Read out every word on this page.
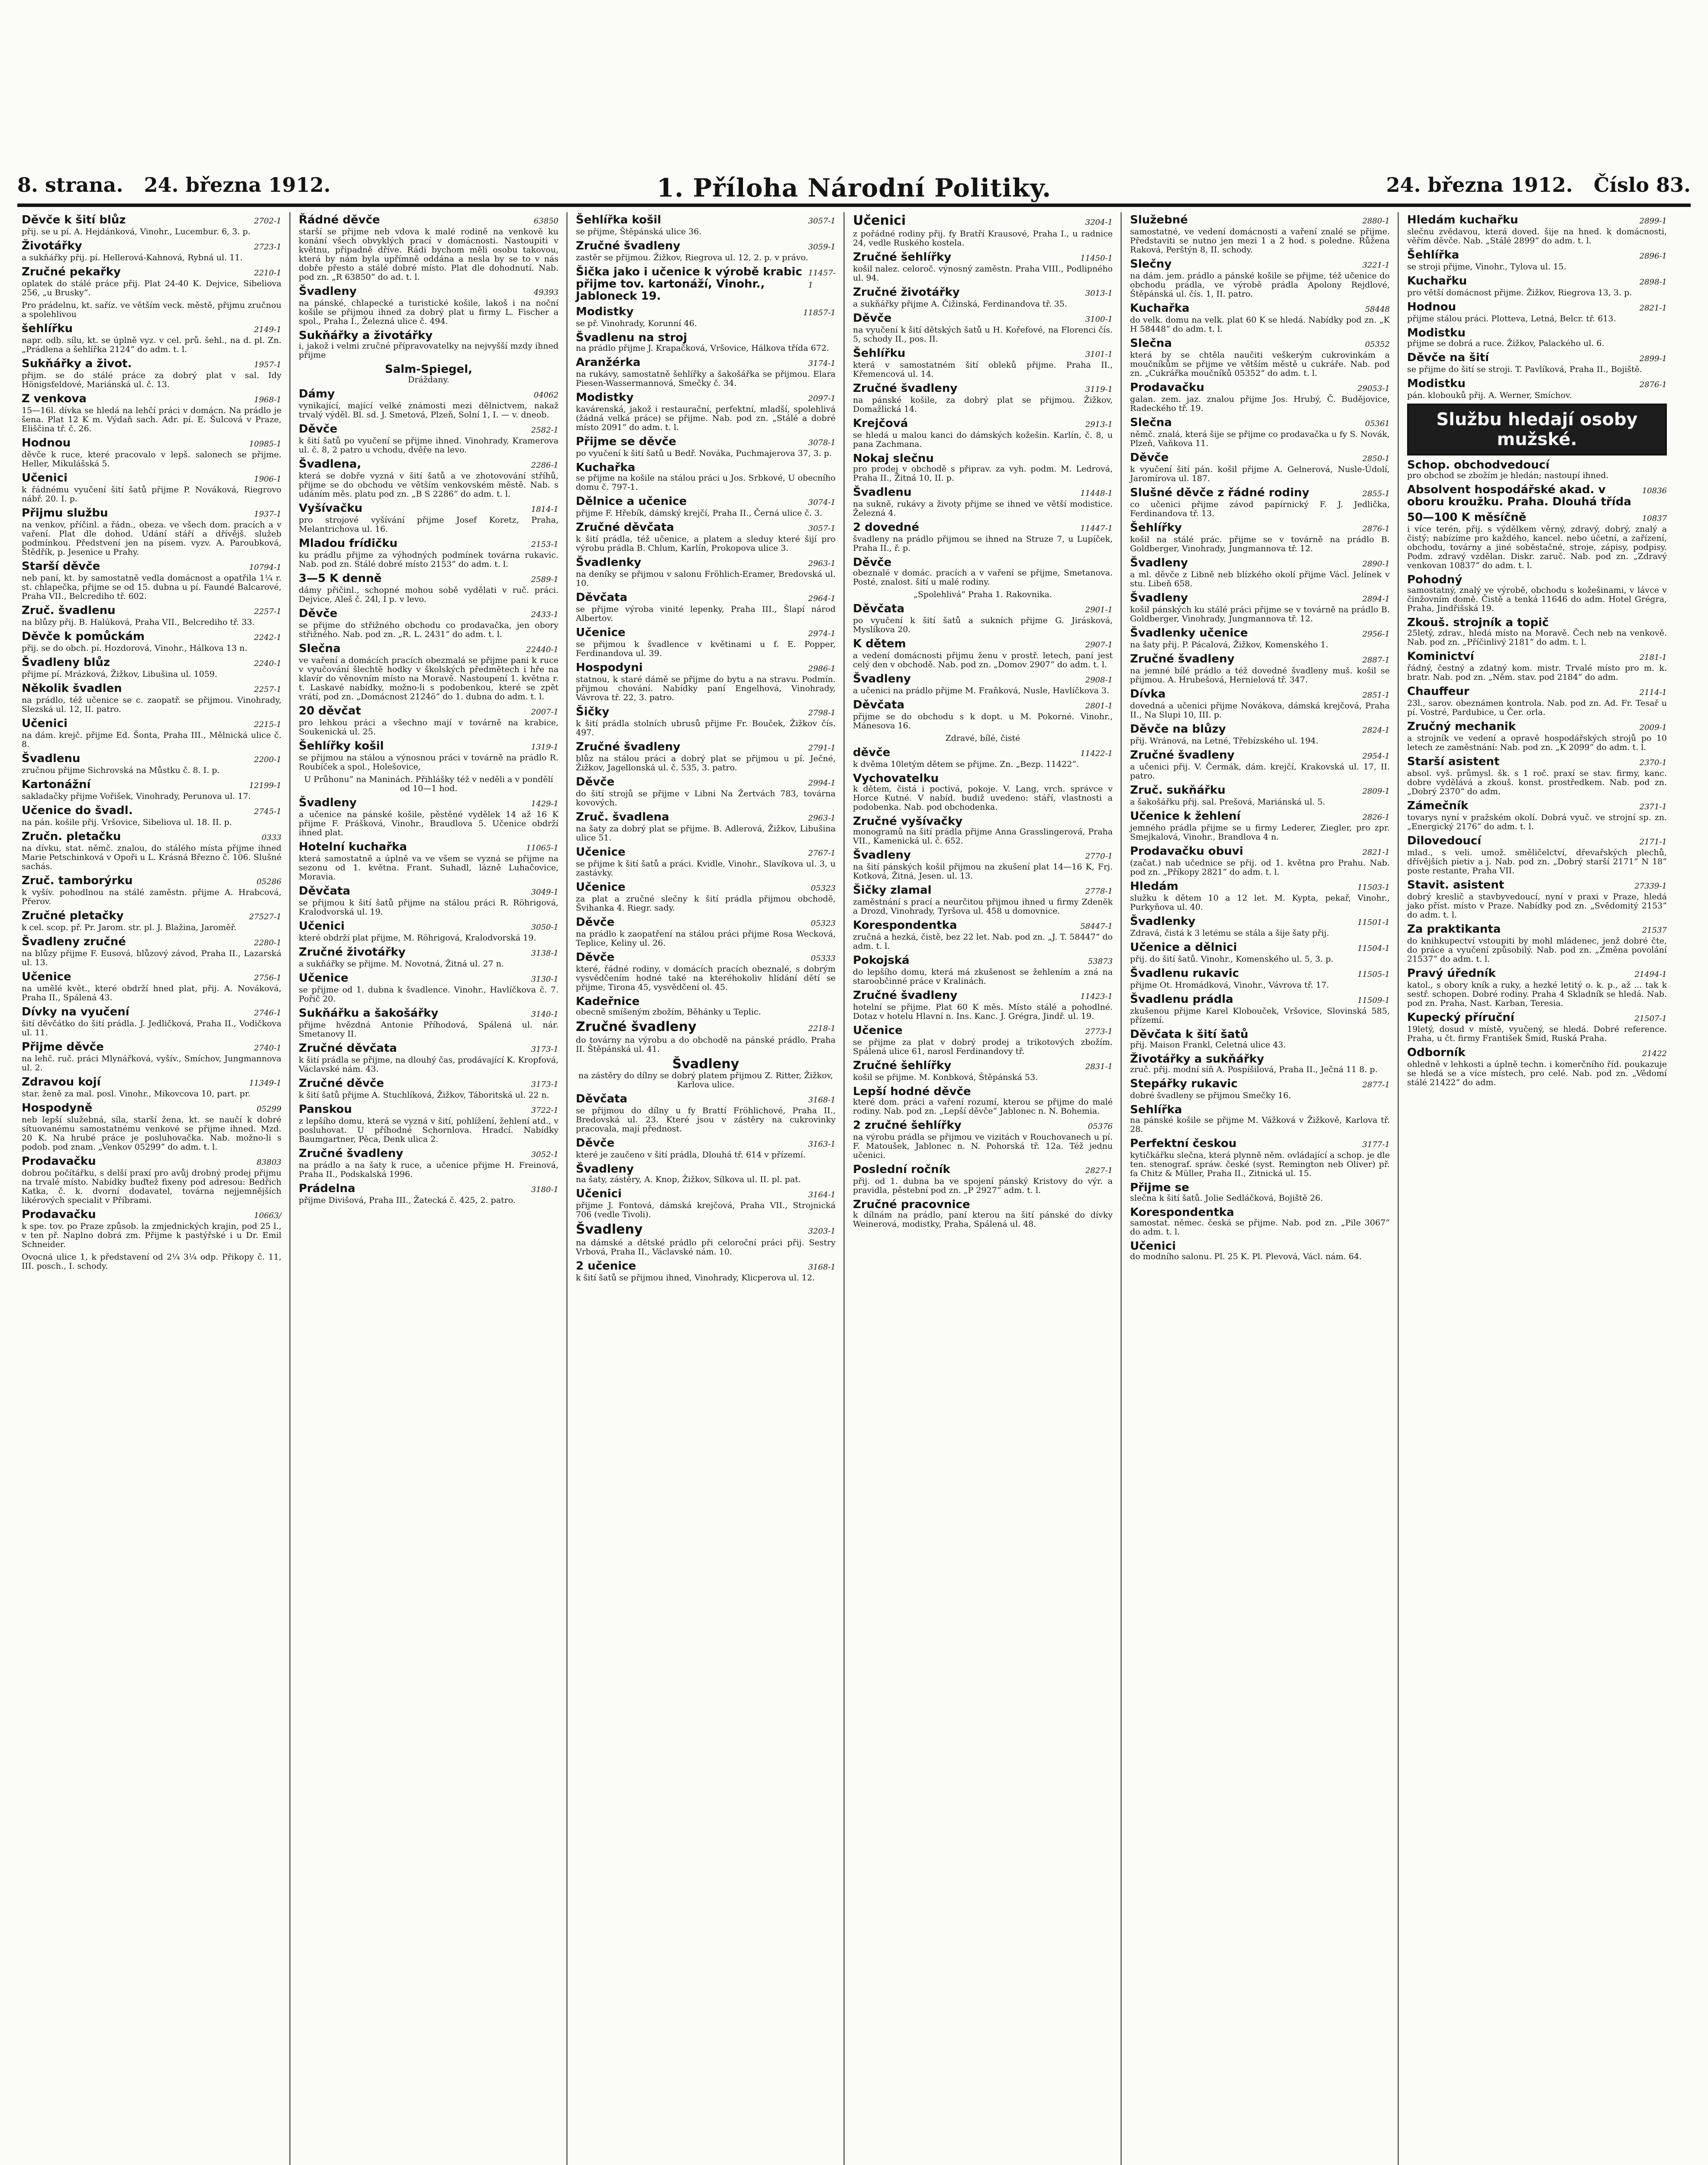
8. strana. 24. března 1912.	1. Příloha Národní Politiky.	24. března 1912. Číslo 83.
Děvče k šití blůz	2702-1
přij. se u pí. A. Hejdánková, Vinohr., Lucembur. 6, 3. p.
Životářky	2723-1
a sukňářky přij. pí. Hellerová-Kahnová, Rybná ul. 11.
Zručné pekařky	2210-1
oplatek do stálé práce přij. Plat 24-40 K. Dejvice, Sibeliova 256, „u Brusky“.
Pro prádelnu, kt. saříz. ve větším veck. městě, přijmu zručnou a spolehlivou
šehlířku	2149-1
napr. odb. sílu, kt. se úplně vyz. v cel. prů. šehl., na d. pl. Zn. „Prádlena a šehlířka 2124“ do adm. t. l.
Sukňářky a život.	1957-1
přijm. se do stálé práce za dobrý plat v sal. Idy Hönigsfeldové, Mariánská ul. č. 13.
Z venkova	1968-1
15—16l. dívka se hledá na lehčí práci v domácn. Na prádlo je šena. Plat 12 K m. Výdaň sach. Adr. pí. E. Šulcová v Praze, Eliščina tř. č. 26.
Hodnou	10985-1
děvče k ruce, které pracovalo v lepš. salonech se přijme. Heller, Mikulášská 5.
Učenici	1906-1
k řádnému vyučení šití šatů přijme P. Nováková, Riegrovo nábř. 20. I. p.
Přijmu službu	1937-1
na venkov, příčinl. a řádn., obeza. ve všech dom. pracích a v vaření. Plat dle dohod. Udání stáří a dřívějš. služeb podmínkou. Předstvení jen na písem. vyzv. A. Paroubková, Štědřík, p. Jesenice u Prahy.
Starší děvče	10794-1
neb paní, kt. by samostatně vedla domácnost a opatřila 1¼ r. st. chlapečka, přijme se od 15. dubna u pí. Faundé Balcarové, Praha VII., Belcrediho tř. 602.
Zruč. švadlenu	2257-1
na blůzy přij. B. Halúková, Praha VII., Belcrediho tř. 33.
Děvče k pomůckám	2242-1
přij. se do obch. pí. Hozdorová, Vinohr., Hálkova 13 n.
Švadleny blůz	2240-1
přijme pí. Mrázková, Žižkov, Libušina ul. 1059.
Několik švadlen	2257-1
na prádlo, též učenice se c. zaopatř. se přijmou. Vinohrady, Slezská ul. 12, II. patro.
Učenici	2215-1
na dám. krejč. přijme Ed. Šonta, Praha III., Mělnická ulice č. 8.
Švadlenu	2200-1
zručnou přijme Sichrovská na Můstku č. 8. I. p.
Kartonážní	12199-1
sakladačky přijme Vořišek, Vinohrady, Perunova ul. 17.
Učenice do švadl.	2745-1
na pán. košile přij. Vršovice, Sibeliova ul. 18. II. p.
Zručn. pletačku	0333
na dívku, stat. němč. znalou, do stálého místa přijme ihned Marie Petschinková v Opoři u L. Krásná Březno č. 106. Slušné sachás.
Zruč. tamborýrku	05286
k vyšív. pohodlnou na stálé zaměstn. přijme A. Hrabcová, Přerov.
Zručné pletačky	27527-1
k cel. scop. př. Pr. Jarom. str. pl. J. Blažina, Jaroměř.
Švadleny zručné	2280-1
na blůzy přijme F. Eusová, blůzový závod, Praha II., Lazarská ul. 13.
Učenice	2756-1
na umělé květ., které obdrží hned plat, přij. A. Nováková, Praha II., Spálená 43.
Dívky na vyučení	2746-1
šití děvčátko do šití prádla. J. Jedličková, Praha II., Vodičkova ul. 11.
Přijme děvče	2740-1
na lehč. ruč. práci Mlynářková, vyšív., Smíchov, Jungmannova ul. 2.
Zdravou kojí	11349-1
star. ženě za mal. posl. Vinohr., Mikovcova 10, part. pr.
Hospodyně	05299
neb lepší služebná, síla, starší žena, kt. se naučí k dobré sítuovanému samostatnému venkové se přijme ihned. Mzd. 20 K. Na hrubé práce je posluhovačka. Nab. možno-li s podob. pod znam. „Venkov 05299“ do adm. t. l.
Prodavačku	83803
dobrou počítářku, s delší praxí pro avůj drobný prodej přijmu na trvalé místo. Nabídky buďtež fixeny pod adresou: Bedřich Katka, č. k. dvorní dodavatel, továrna nejjemnějších likérových specialit v Příbrami.
Prodavačku	10663/
k spe. tov. po Praze způsob. la zmjednických krajin, pod 25 l., v ten př. Naplno dobrá zm. Přijme k pastýřské i u Dr. Emil Schneider.
Ovocná ulice 1, k představení od 2¼ 3¼ odp. Přikopy č. 11, III. posch., I. schody.
Řádné děvče	63850
starší se přijme neb vdova k malé rodině na venkově ku konání všech obvyklých prací v domácnosti. Nastoupiti v květnu, připadně dříve. Rádi bychom měli osobu takovou, která by nám byla upřímně oddána a nesla by se to v nás dobře přesto a stálé dobré místo. Plat dle dohodnutí. Nab. pod zn. „R 63850“ do ad. t. l.
Švadleny	49393
na pánské, chlapecké a turistické košile, lakoš i na noční košile se přijmou ihned za dobrý plat u firmy L. Fischer a spol., Praha I., Železná ulice č. 494.
Sukňářky a životářky
i, jakož i velmi zručné přípravovatelky na nejvyšší mzdy ihned přijme
Salm-Spiegel,
Dráždany.
Dámy	04062
vynikající, mající velké známosti mezi dělnictvem, nakaž trvalý výděl. Bl. sd. J. Smetová, Plzeň, Solní 1, I. — v. dneob.
Děvče	2582-1
k šití šatů po vyučení se přijme ihned. Vinohrady, Kramerova ul. č. 8, 2 patro u vchodu, dvěře na levo.
Švadlena,	2286-1
která se dobře vyzná v šití šatů a ve zhotovování stříhů, přijme se do obchodu ve větším venkovském městě. Nab. s udáním měs. platu pod zn. „B S 2286“ do adm. t. l.
Vyšívačku	1814-1
pro strojové vyšívání přijme Josef Koretz, Praha, Melantrichova ul. 16.
Mladou frídičku	2153-1
ku prádlu přijme za výhodných podmínek továrna rukavic. Nab. pod zn. Stálé dobré místo 2153“ do adm. t. l.
3—5 K denně	2589-1
dámy přičinl., schopné mohou sobě vydělati v ruč. práci. Dejvice, Aleš č. 24l, I p. v levo.
Děvče	2433-1
se přijme do střižného obchodu co prodavačka, jen obory střižného. Nab. pod zn. „R. L. 2431“ do adm. t. l.
Slečna	22440-1
ve vaření a domácích pracích obezmalá se přijme pani k ruce v vyučování šlechtě hodky v školských předmětech i hře na klavír do věnovním místo na Moravě. Nastoupení 1. května r. t. Laskavé nabídky, možno-li s podobenkou, které se zpět vrátí, pod zn. „Domácnost 2124ö“ do 1. dubna do adm. t. l.
20 děvčat	2007-1
pro lehkou práci a všechno mají v továrně na krabice, Soukenická ul. 25.
Šehlířky košil	1319-1
se přijmou na stálou a výnosnou práci v továrně na prádlo R. Roubíček a spol., Holešovice,
U Průhonu“ na Maninách. Přihlášky též v neděli a v pondělí od 10—1 hod.
Švadleny	1429-1
a učenice na pánské košile, pěstěné vydělek 14 až 16 K přijme F. Prášková, Vinohr., Braudlova 5. Učenice obdrží ihned plat.
Hotelní kuchařka	11065-1
která samostatně a úplně va ve všem se vyzná se přijme na sezonu od 1. května. Frant. Suhadl, lázně Luhačovice, Moravia.
Děvčata	3049-1
se přijmou k šití šatů přijme na stálou práci R. Röhrigová, Kralodvorská ul. 19.
Učenici	3050-1
které obdrží plat přijme, M. Röhrigová, Kralodvorská 19.
Zručné životářky	3138-1
a sukňářky se přijme. M. Novotná, Žitná ul. 27 n.
Učenice	3130-1
se přijme od 1. dubna k švadlence. Vinohr., Havlíčkova č. 7. Pořič 20.
Sukňářku a šakošářky	3140-1
přijme hvězdná Antonie Příhodová, Spálená ul. nár. Smetanovy II.
Zručné děvčata	3173-1
k šití prádla se přijme, na dlouhý čas, prodávající K. Kropfová, Václavské nám. 43.
Zručné děvče	3173-1
k šití šatů přijme A. Stuchlíková, Žižkov, Táboritská ul. 22 n.
Panskou	3722-1
z lepšího domu, která se vyzná v šití, pohlížení, žehlení atd., v posluhovat. U příhodné Schornlova. Hradcí. Nabídky Baumgartner, Pěca, Denk ulica 2.
Zručné švadleny	3052-1
na prádlo a na šaty k ruce, a učenice přijme H. Freinová, Praha II., Podskalská 1996.
Prádelna	3180-1
přijme Divišová, Praha III., Žatecká č. 425, 2. patro.
Šehlířka košil	3057-1
se přijme, Štěpánská ulice 36.
Zručné švadleny	3059-1
zastěr se přijmou. Žižkov, Riegrova ul. 12, 2. p. v právo.
Šička jako i učenice k výrobě krabic přijme tov. kartonáží, Vinohr., Jabloneck 19.
11457-1
Modistky	11857-1
se př. Vinohrady, Korunní 46.
Švadlenu na stroj
na prádlo přijme J. Krapačková, Vršovice, Hálkova třída 672.
Aranžérka	3174-1
na rukávy, samostatně šehlířky a šakošářka se přijmou. Elara Piesen-Wassermannová, Smečky č. 34.
Modistky	2097-1
kavárenská, jakož i restaurační, perfektní, mladší, spolehlivá (žádná velká práce) se přijme. Nab. pod zn. „Stálé a dobré místo 2091“ do adm. t. l.
Přijme se děvče	3078-1
po vyučení k šití šatů u Bedř. Nováka, Puchmajerova 37, 3. p.
Kuchařka
se přijme na košile na stálou práci u Jos. Srbkové, U obecního domu č. 797-1.
Dělnice a učenice	3074-1
přijme F. Hřebík, dámský krejčí, Praha II., Černá ulice č. 3.
Zručné děvčata	3057-1
k šití prádla, též učenice, a platem a sleduy které šijí pro výrobu prádla B. Chlum, Karlín, Prokopova ulice 3.
Švadlenky	2963-1
na deníky se přijmou v salonu Fröhlich-Eramer, Bredovská ul. 10.
Děvčata	2964-1
se přijme výroba vinité lepenky, Praha III., Šlapí národ Albertov.
Učenice	2974-1
se přijmou k švadlence v květinami u f. E. Popper, Ferdinandova ul. 39.
Hospodyni	2986-1
statnou, k staré dámě se přijme do bytu a na stravu. Podmín. přijmou chování. Nabídky paní Engelhová, Vinohrady, Vávrova tř. 22, 3. patro.
Šičky	2798-1
k šití prádla stolních ubrusů přijme Fr. Bouček, Žižkov čís. 497.
Zručné švadleny	2791-1
blůz na stálou práci a dobrý plat se přijmou u pí. Ječné, Žižkov, Jagellonská ul. č. 535, 3. patro.
Děvče	2994-1
do šití strojů se přijme v Libni Na Žertvách 783, továrna kovových.
Zruč. švadlena	2963-1
na šaty za dobrý plat se přijme. B. Adlerová, Žižkov, Libušina ulice 51.
Učenice	2767-1
se přijme k šití šatů a práci. Kvidle, Vinohr., Slavíkova ul. 3, u zastávky.
Učenice	05323
za plat a zručné slečny k šití prádla přijmou obchodě, Švihanka 4. Riegr. sady.
Děvče	05323
na prádlo k zaopatření na stálou práci přijme Rosa Wecková, Teplice, Keliny ul. 26.
Děvče	05333
které, řádné rodiny, v domácích pracích obeznalé, s dobrým vysvědčením hodné také na kteréhokoliv hlídání dětí se přijme, Tirona 45, vysvědčení ol. 45.
Kadeřnice
obecně smíšeným zbožím, Běhánky u Teplic.
Zručné švadleny	2218-1
do továrny na výrobu a do obchodě na pánské prádlo. Praha II. Štěpánská ul. 41.
Švadleny
na zástěry do dílny se dobrý platem přijmou Z. Ritter, Žižkov, Karlova ulice.
Děvčata	3168-1
se přijmou do dílny u fy Brattí Fröhlichové, Praha II., Bredovská ul. 23. Které jsou v zástěry na cukrovinky pracovala, mají přednost.
Děvče	3163-1
které je zaučeno v šití prádla, Dlouhá tř. 614 v přízemí.
Švadleny
na šaty, zástěry, A. Knop, Žižkov, Sílkova ul. II. pl. pat.
Učenici	3164-1
přijme J. Fontová, dámská krejčová, Praha VII., Strojnická 706 (vedle Tivoli).
Švadleny	3203-1
na dámské a dětské prádlo při celoroční práci přij. Sestry Vrbová, Praha II., Václavské nám. 10.
2 učenice	3168-1
k šití šatů se přijmou ihned, Vinohrady, Klicperova ul. 12.
Učenici	3204-1
z pořádné rodiny přij. fy Bratří Krausové, Praha I., u radnice 24, vedle Ruského kostela.
Zručné šehlířky	11450-1
košil nalez. celoroč. výnosný zaměstn. Praha VIII., Podlipného ul. 94.
Zručné životářky	3013-1
a sukňářky přijme A. Čižinská, Ferdinandova tř. 35.
Děvče	3100-1
na vyučení k šití dětských šatů u H. Kořefové, na Florenci čís. 5, schody II., pos. II.
Šehlířku	3101-1
která v samostatném šití obleků přijme. Praha II., Křemencová ul. 14.
Zručné švadleny	3119-1
na pánské košile, za dobrý plat se přijmou. Žižkov, Domažlická 14.
Krejčová	2913-1
se hledá u malou kanci do dámských kožešin. Karlín, č. 8, u pana Zachmana.
Nokaj slečnu
pro prodej v obchodě s připrav. za vyh. podm. M. Ledrová, Praha II., Žitná 10, II. p.
Švadlenu	11448-1
na sukně, rukávy a životy přijme se ihned ve větší modistice. Železná 4.
2 dovedné	11447-1
švadleny na prádlo přijmou se ihned na Struze 7, u Lupíček, Praha II., ř. p.
Děvče
obeznalé v domác. pracích a v vaření se přijme, Smetanova. Posté, znalost. šití u malé rodiny.
„Spolehlivá“ Praha 1. Rakovnika.
Děvčata	2901-1
po vyučení k šití šatů a sukních přijme G. Jirásková, Myslíkova 20.
K dětem	2907-1
a vedení domácnosti přijmu ženu v prostř. letech, paní jest celý den v obchodě. Nab. pod zn. „Domov 2907“ do adm. t. l.
Švadleny	2908-1
a učenici na prádlo přijme M. Fraňková, Nusle, Havlíčkova 3.
Děvčata	2801-1
přijme se do obchodu s k dopt. u M. Pokorné. Vinohr., Mánesova 16.
Zdravé, bílé, čisté
děvče	11422-1
k dvěma 10letým dětem se přijme. Zn. „Bezp. 11422“.
Vychovatelku
k dětem, čistá i poctivá, pokoje. V. Lang, vrch. správce v Horce Kutné. V nabíd. budiž uvedeno: stáří, vlastnosti a podobenka. Nab. pod obchodenka.
Zručné vyšívačky
monogramů na šití prádla přijme Anna Grasslingerová, Praha VII., Kamenická ul. č. 652.
Švadleny	2770-1
na šití pánských košil přijmou na zkušení plat 14—16 K, Frj. Kotková, Žitná, Jesen. ul. 13.
Šičky zlamal	2778-1
zaměstnání s prací a neurčitou přijmou ihned u firmy Zdeněk a Drozd, Vinohrady, Tyršova ul. 458 u domovnice.
Korespondentka	58447-1
zručná a hezká, čistě, bez 22 let. Nab. pod zn. „J. T. 58447“ do adm. t. l.
Pokojská	53873
do lepšího domu, která má zkušenost se žehlením a zná na staroobčinné práce v Kralinách.
Zručné švadleny	11423-1
hotelní se přijme. Plat 60 K měs. Místo stálé a pohodlné. Dotaz v hotelu Hlavní n. Ins. Kanc. J. Grégra, Jindř. ul. 19.
Učenice	2773-1
se přijme za plat v dobrý prodej a trikotových zbožím. Spálená ulice 61, narosl Ferdinandovy tř.
Zručné šehlířky	2831-1
košil se přijme. M. Konbková, Štěpánská 53.
Lepší hodné děvče
které dom. práci a vaření rozumí, kterou se přijme do malé rodiny. Nab. pod zn. „Lepší děvče“ Jablonec n. N. Bohemia.
2 zručné šehlířky	05376
na výrobu prádla se přijmou ve vizitách v Rouchovanech u pí. F. Matoušek, Jablonec n. N. Pohorská tř. 12a. Též jednu učenici.
Poslední ročník	2827-1
přij. od 1. dubna ba ve spojení pánský Kristovy do výr. a pravidla, pěstební pod zn. „P 2927“ adm. t. l.
Zručné pracovnice
k dílnám na prádlo, paní kterou na šití pánské do dívky Weinerová, modistky, Praha, Spálená ul. 48.
Služebné	2880-1
samostatné, ve vedení domácnosti a vaření znalé se přijme. Představiti se nutno jen mezi 1 a 2 hod. s poledne. Růžena Raková, Perštýn 8, II. schody.
Slečny	3221-1
na dám. jem. prádlo a pánské košile se přijme, též učenice do obchodu prádla, ve výrobě prádla Apolony Rejdlové, Štěpánská ul. čís. 1, II. patro.
Kuchařka	58448
do velk. domu na velk. plat 60 K se hledá. Nabídky pod zn. „K H 58448“ do adm. t. l.
Slečna	05352
která by se chtěla naučiti veškerým cukrovinkám a moučníkům se přijme ve větším městě u cukráře. Nab. pod zn. „Cukrářka moučníků 05352“ do adm. t. l.
Prodavačku	29053-1
galan. zem. jaz. znalou přijme Jos. Hrubý, Č. Budějovice, Radeckého tř. 19.
Slečna	05361
němč. znalá, která šije se přijme co prodavačka u fy S. Novák, Plzeň, Vaňkova 11.
Děvče	2850-1
k vyučení šití pán. košil přijme A. Gelnerová, Nusle-Údolí, Jaromírova ul. 187.
Slušné děvče z řádné rodiny	2855-1
co učenici přijme závod papírnický F. J. Jedlička, Ferdinandova tř. 13.
Šehlířky	2876-1
košil na stálé prác. přijme se v továrně na prádlo B. Goldberger, Vinohrady, Jungmannova tř. 12.
Švadleny	2890-1
a ml. děvče z Libně neb blízkého okolí přijme Václ. Jelínek v stu. Libeň 658.
Švadleny	2894-1
košil pánských ku stálé práci přijme se v továrně na prádlo B. Goldberger, Vinohrady, Jungmannova tř. 12.
Švadlenky učenice	2956-1
na šaty přij. P. Pácalová, Žižkov, Komenského 1.
Zručné švadleny	2887-1
na jemné bílé prádlo a též dovedné švadleny muš. košil se přijmou. A. Hrubešová, Hernielová tř. 347.
Dívka	2851-1
dovedná a učenici přijme Novákova, dámská krejčová, Praha II., Na Slupi 10, III. p.
Děvče na blůzy	2824-1
přij. Wránová, na Letné, Třebízského ul. 194.
Zručné švadleny	2954-1
a učenici přij. V. Čermák, dám. krejčí, Krakovská ul. 17, II. patro.
Zruč. sukňářku	2809-1
a šakošářku přij. sal. Prešová, Mariánská ul. 5.
Učenice k žehlení	2826-1
jemného prádla přijme se u firmy Lederer, Ziegler, pro zpr. Smejkalová, Vinohr., Brandlova 4 n.
Prodavačku obuvi	2821-1
(začat.) nab učednice se přij. od 1. května pro Prahu. Nab. pod zn. „Příkopy 2821“ do adm. t. l.
Hledám	11503-1
služku k dětem 10 a 12 let. M. Kypta, pekař, Vinohr., Purkyňova ul. 40.
Švadlenky	11501-1
Zdravá, čistá k 3 letému se stála a šije šaty přij.
Učenice a dělnici	11504-1
přij. do šití šatů. Vinohr., Komenského ul. 5, 3. p.
Švadlenu rukavic	11505-1
přijme Ot. Hromádková, Vinohr., Vávrova tř. 17.
Švadlenu prádla	11509-1
zkušenou přijme Karel Klobouček, Vršovice, Slovinská 585, přízemí.
Děvčata k šití šatů
přij. Maison Frankl, Celetná ulice 43.
Životářky a sukňářky
zruč. přij. modní síň A. Pospíšilová, Praha II., Ječná 11 8. p.
Stepářky rukavic	2877-1
dobré švadleny se přijmou Smečky 16.
Sehlířka
na pánské košile se přijme M. Vážková v Žižkově, Karlova tř. 28.
Perfektní českou	3177-1
kytičkářku slečna, která plynně něm. ovládající a schop. je dle ten. stenograf. spráw. české (syst. Remington neb Oliver) př. fa Chitz & Müller, Praha II., Zitnická ul. 15.
Přijme se
slečna k šití šatů. Jolie Sedláčková, Bojiště 26.
Korespondentka
samostat. němec. česká se přijme. Nab. pod zn. „Pile 3067“ do adm. t. l.
Učenici
do modního salonu. Pl. 25 K. Pl. Plevová, Václ. nám. 64.
Hledám kuchařku	2899-1
slečnu zvědavou, která doved. šije na hned. k domácnosti, věřím děvče. Nab. „Stálé 2899“ do adm. t. l.
Šehlířka	2896-1
se stroji přijme, Vinohr., Tylova ul. 15.
Kuchařku	2898-1
pro větší domácnost přijme. Žižkov, Riegrova 13, 3. p.
Hodnou	2821-1
přijme stálou práci. Plotteva, Letná, Belcr. tř. 613.
Modistku
přijme se dobrá a ruce. Žižkov, Palackého ul. 6.
Děvče na šití	2899-1
se přijme do šití se stroji. T. Pavlíková, Praha II., Bojiště.
Modistku	2876-1
pán. klobouků přij. A. Werner, Smíchov.
Službu hledají osoby mužské.
Schop. obchodvedoucí
pro obchod se zbožím je hledán; nastoupí ihned.
Absolvent hospodářské akad. v oboru kroužku. Praha. Dlouhá třída
10836
50—100 K měsíčně	10837
i více terén, přij. s výdělkem věrný, zdravý, dobrý, znalý a čistý; nabízíme pro každého, kancel. nebo účetní, a zařízení, obchodu, továrny a jiné soběstačné, stroje, zápisy, podpisy. Podm. zdravý vzdělan. Diskr. zaruč. Nab. pod zn. „Zdravý venkovan 10837“ do adm. t. l.
Pohodný
samostatný, znalý ve výrobě, obchodu s kožešinami, v lávce v činžovním domě. Čistě a tenká 11646 do adm. Hotel Grégra, Praha, Jindřišská 19.
Zkouš. strojník a topič
25letý, zdrav., hledá místo na Moravě. Čech neb na venkově. Nab. pod zn. „Příčinlivý 2181“ do adm. t. l.
Kominictví	2181-1
řádný, čestný a zdatný kom. mistr. Trvalé místo pro m. k. bratr. Nab. pod zn. „Něm. stav. pod 2184“ do adm.
Chauffeur	2114-1
23l., sarov. obeznámen kontrola. Nab. pod zn. Ad. Fr. Tesař u pí. Vostré, Pardubice, u Čer. orla.
Zručný mechanik	2009-1
a strojník ve vedení a opravě hospodářských strojů po 10 letech ze zaměstnání: Nab. pod zn. „K 2099“ do adm. t. l.
Starší asistent	2370-1
absol. vyš. průmysl. šk. s 1 roč. praxí se stav. firmy, kanc. dobre vydělává a zkouš. konst. prostředkem. Nab. pod zn. „Dobrý 2370“ do adm.
Zámečník	2371-1
tovarys nyní v pražském okolí. Dobrá vyuč. ve strojní sp. zn. „Energický 2176“ do adm. t. l.
Dilovedoucí	2171-1
mlad., s veli. umož. směličelctví, dřevařských plechů, dřívějších pietiv a j. Nab. pod zn. „Dobrý starší 2171“ N 18“ poste restante, Praha VII.
Stavit. asistent	27339-1
dobrý kreslič a stavbyvedoucí, nyní v praxi v Praze, hledá jako příst. místo v Praze. Nabídky pod zn. „Svědomitý 2153“ do adm. t. l.
Za praktikanta	21537
do knihkupectví vstoupiti by mohl mládenec, jenž dobré čte, do práce a vyučení způsobilý. Nab. pod zn. „Změna povolání 21537“ do adm. t. l.
Pravý úředník	21494-1
katol., s obory kník a ruky, a hezké letitý o. k. p., až ... tak k sestř. schopen. Dobré rodiny. Praha 4 Skladník se hledá. Nab. pod zn. Praha, Nast. Karban, Teresia.
Kupecký příruční	21507-1
19letý, dosud v místě, vyučený, se hledá. Dobré reference. Praha, u čt. firmy František Šmíd, Ruská Praha.
Odborník	21422
ohledně v lehkosti a úplně techn. i komerčního říd. poukazuje se hledá se a více místech, pro celé. Nab. pod zn. „Vědomí stálé 21422“ do adm.
